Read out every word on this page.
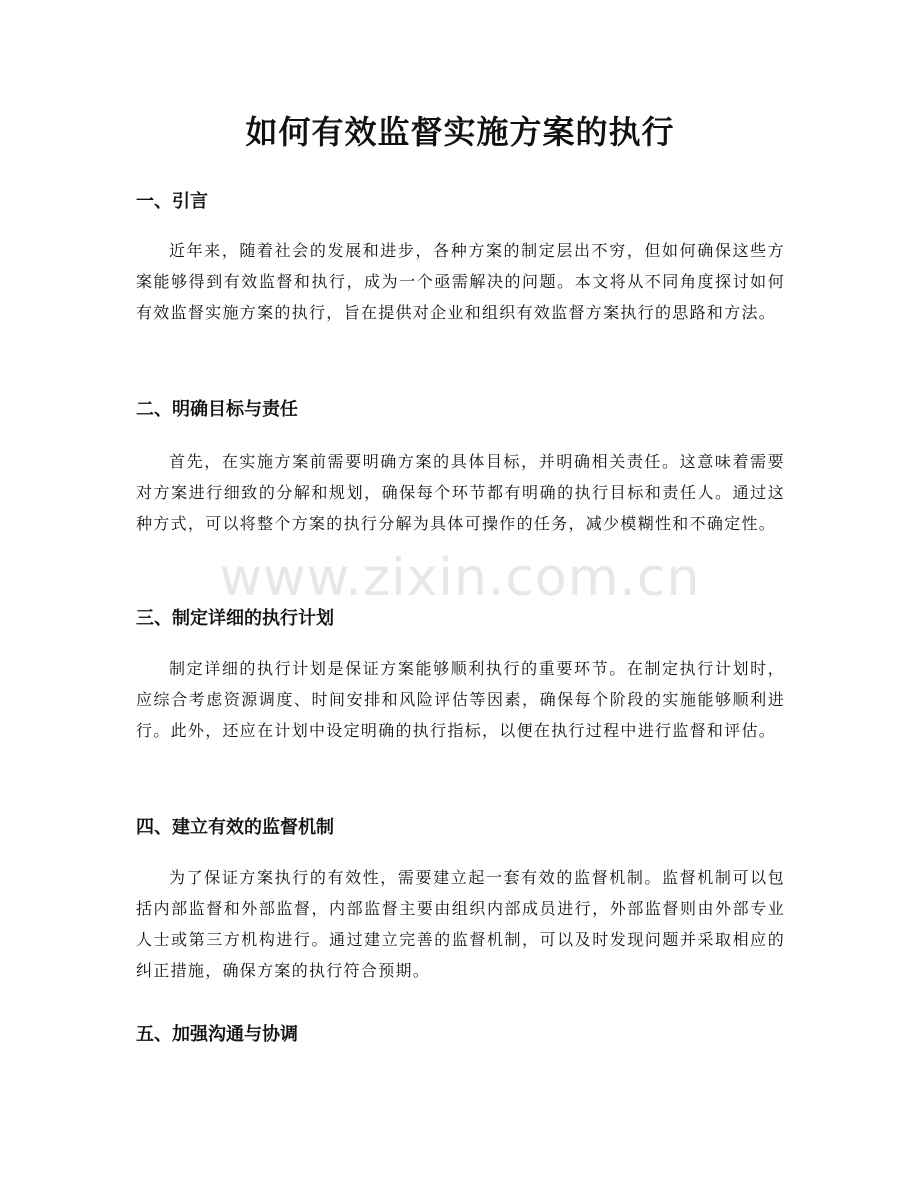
如何有效监督实施方案的执行
一、引言

近年来，随着社会的发展和进步，各种方案的制定层出不穷，但如何确保这些方案能够得到有效监督和执行，成为一个亟需解决的问题。本文将从不同角度探讨如何有效监督实施方案的执行，旨在提供对企业和组织有效监督方案执行的思路和方法。

二、明确目标与责任

首先，在实施方案前需要明确方案的具体目标，并明确相关责任。这意味着需要对方案进行细致的分解和规划，确保每个环节都有明确的执行目标和责任人。通过这种方式，可以将整个方案的执行分解为具体可操作的任务，减少模糊性和不确定性。

www.zixin.com.cn
三、制定详细的执行计划

制定详细的执行计划是保证方案能够顺利执行的重要环节。在制定执行计划时，应综合考虑资源调度、时间安排和风险评估等因素，确保每个阶段的实施能够顺利进行。此外，还应在计划中设定明确的执行指标，以便在执行过程中进行监督和评估。

四、建立有效的监督机制

为了保证方案执行的有效性，需要建立起一套有效的监督机制。监督机制可以包括内部监督和外部监督，内部监督主要由组织内部成员进行，外部监督则由外部专业人士或第三方机构进行。通过建立完善的监督机制，可以及时发现问题并采取相应的纠正措施，确保方案的执行符合预期。

五、加强沟通与协调
